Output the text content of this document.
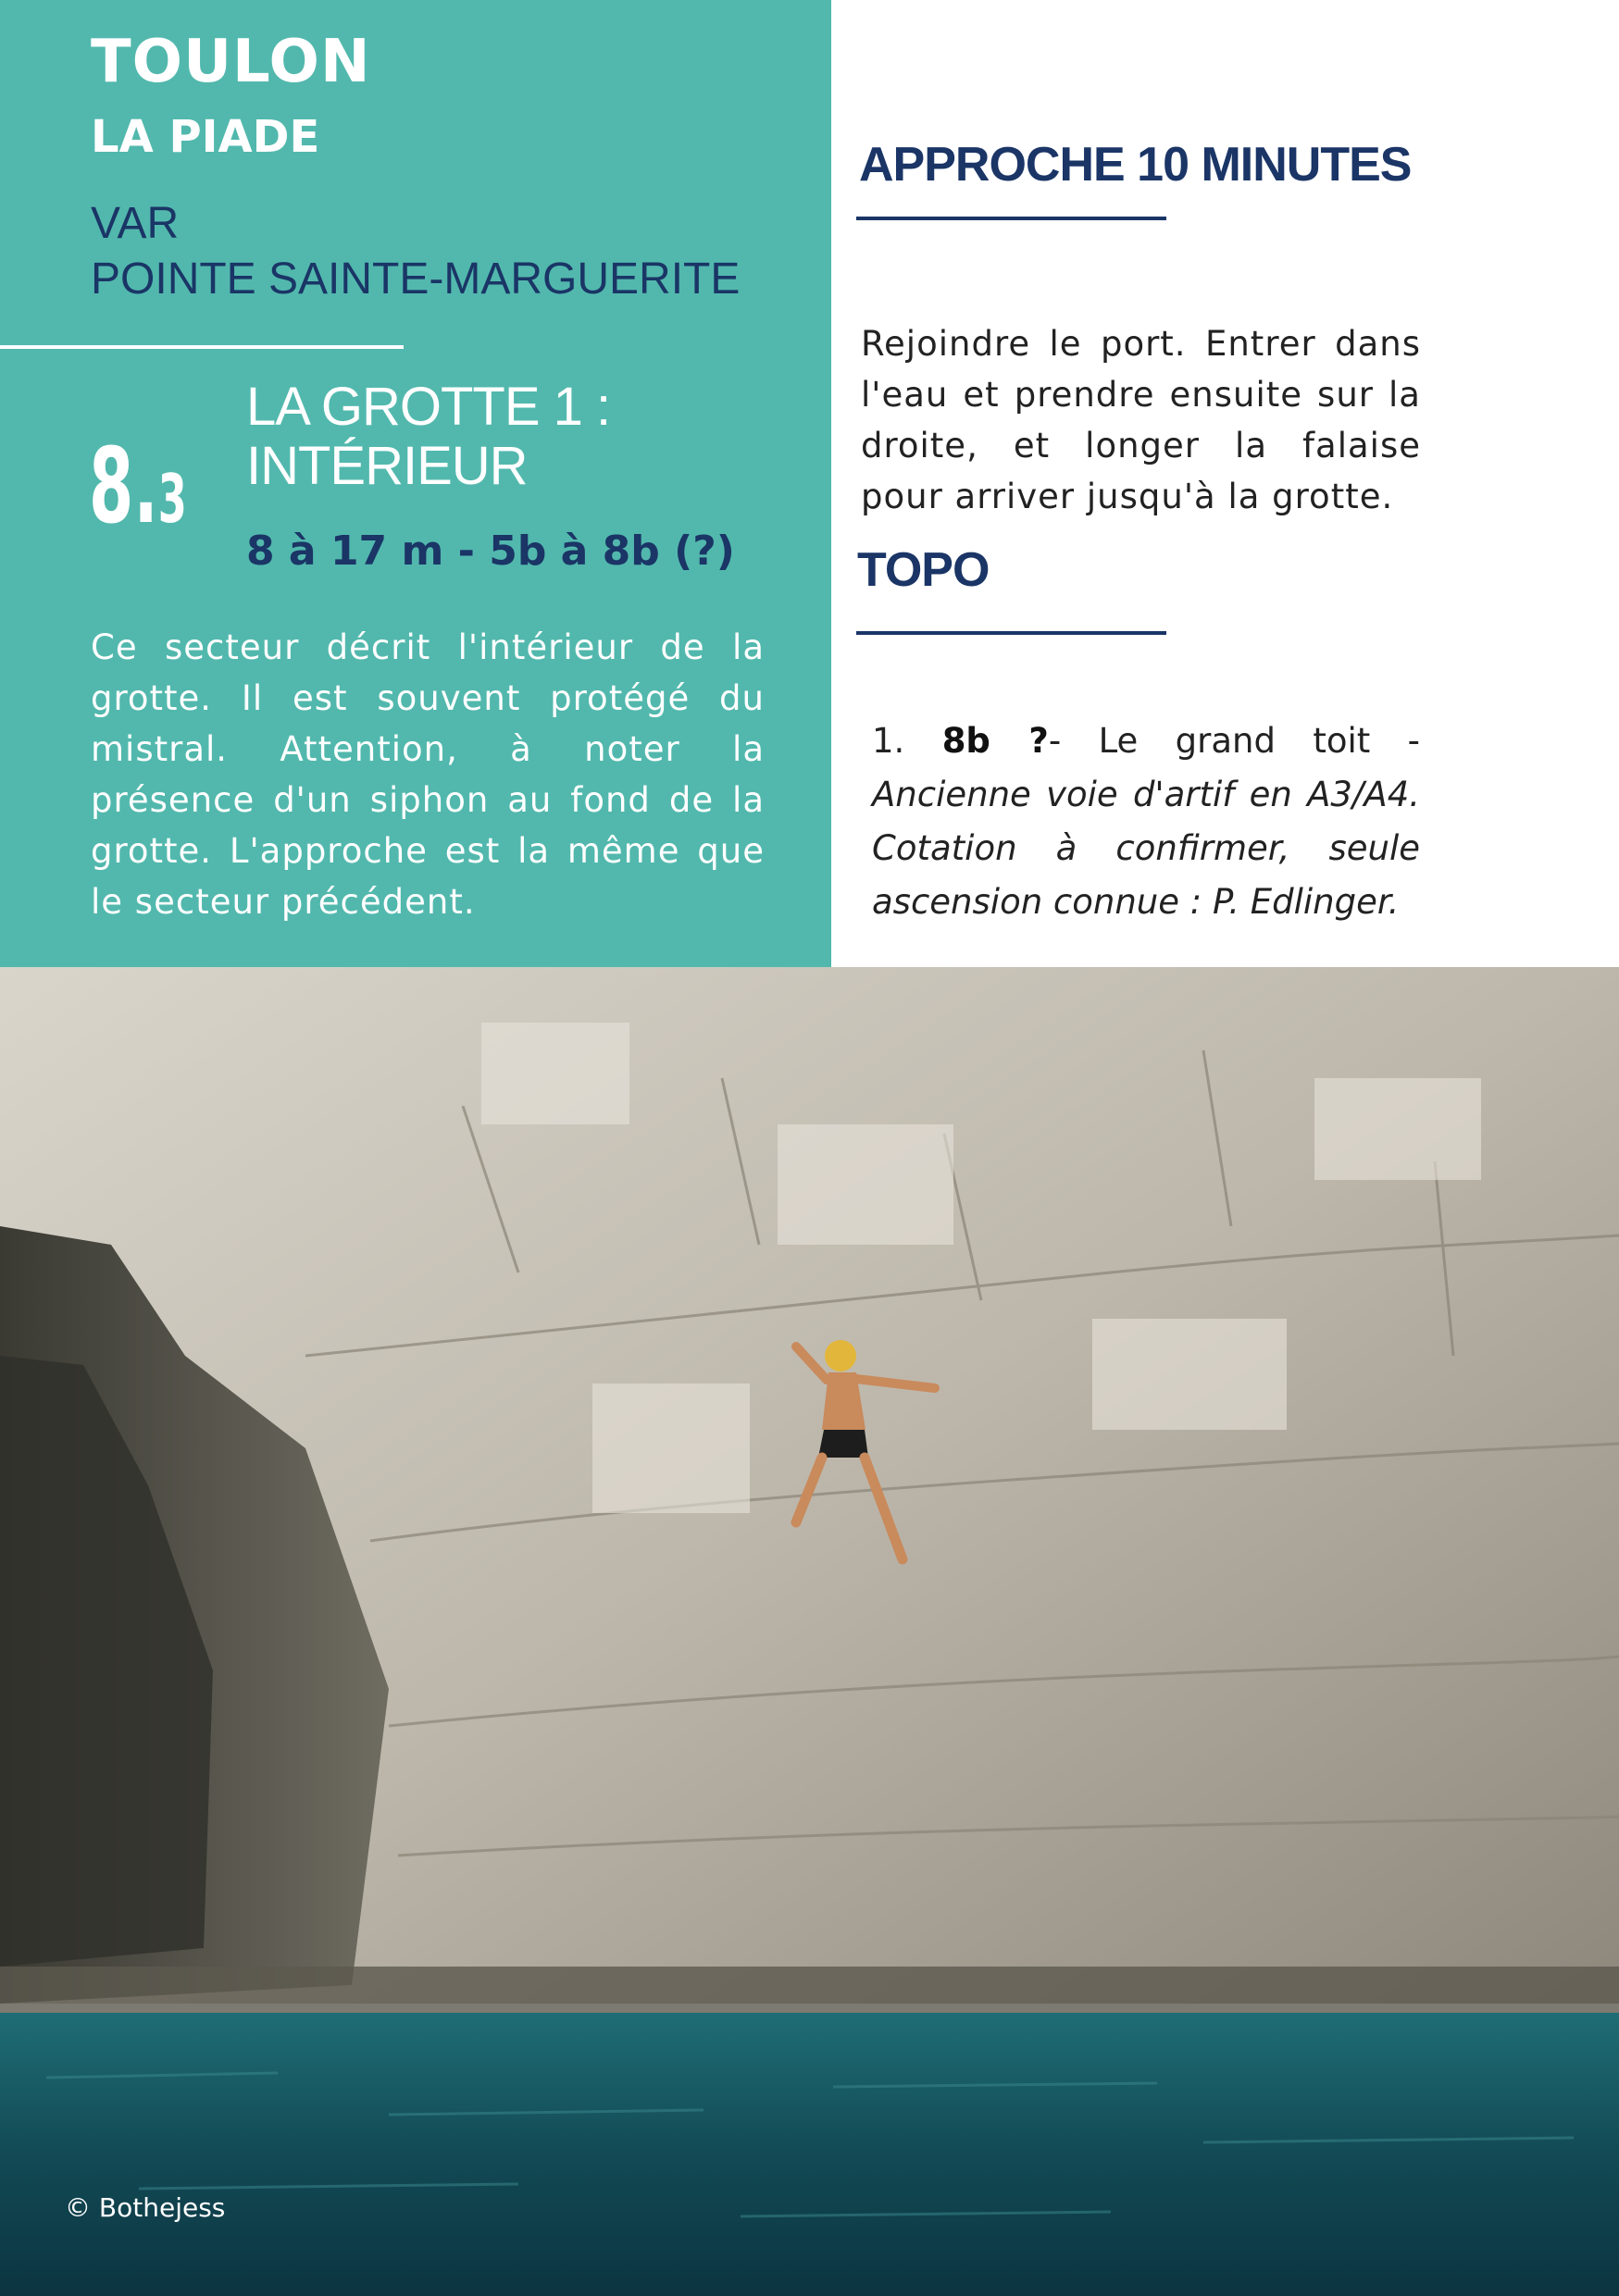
TOULON
LA PIADE
VAR
POINTE SAINTE-MARGUERITE
8.3
LA GROTTE 1 :
INTÉRIEUR
8 à 17 m - 5b à 8b (?)

Ce secteur décrit l'intérieur de la grotte. Il est souvent protégé du mistral. Attention, à noter la présence d'un siphon au fond de la grotte. L'approche est la même que le secteur précédent.

APPROCHE 10 MINUTES

Rejoindre le port. Entrer dans l'eau et prendre ensuite sur la droite, et longer la falaise pour arriver jusqu'à la grotte.

TOPO

1. 8b ?- Le grand toit - Ancienne voie d'artif en A3/A4. Cotation à confirmer, seule ascension connue : P. Edlinger.

© Bothejess
